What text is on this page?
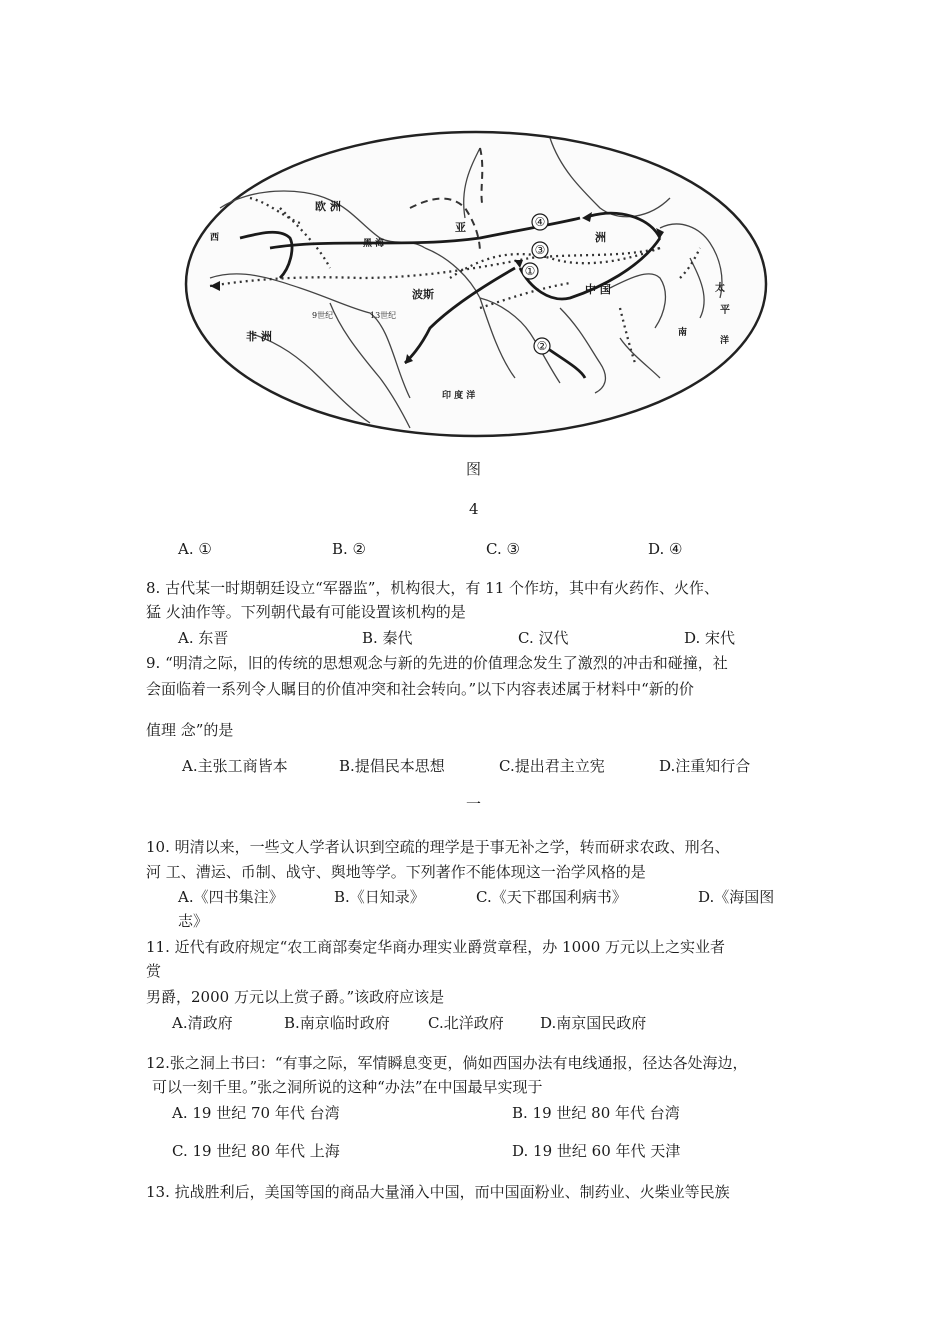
④
③
①
②
欧 洲
亚
洲
非 洲
波斯	中 国
黑 海
西
太
平
南
洋
印 度 洋
9世纪	13世纪
图
4
A. ①	B. ②	C. ③	D. ④
8. 古代某一时期朝廷设立“军器监”，机构很大，有 11 个作坊，其中有火药作、火作、
猛 火油作等。下列朝代最有可能设置该机构的是
A. 东晋	B. 秦代	C. 汉代	D. 宋代
9. “明清之际，旧的传统的思想观念与新的先进的价值理念发生了激烈的冲击和碰撞，社
会面临着一系列令人瞩目的价值冲突和社会转向。”以下内容表述属于材料中“新的价
值理 念”的是
A.主张工商皆本	B.提倡民本思想	C.提出君主立宪	D.注重知行合
一
10. 明清以来，一些文人学者认识到空疏的理学是于事无补之学，转而研求农政、刑名、
河 工、漕运、币制、战守、舆地等学。下列著作不能体现这一治学风格的是
A.《四书集注》	B.《日知录》	C.《天下郡国利病书》	D.《海国图
志》
11. 近代有政府规定“农工商部奏定华商办理实业爵赏章程，办 1000 万元以上之实业者
赏
男爵，2000 万元以上赏子爵。”该政府应该是
A.清政府	B.南京临时政府	C.北洋政府 D.南京国民政府
12.张之洞上书曰：“有事之际，军情瞬息变更，倘如西国办法有电线通报，径达各处海边，
可以一刻千里。”张之洞所说的这种“办法”在中国最早实现于
A. 19 世纪 70 年代 台湾	B. 19 世纪 80 年代 台湾
C. 19 世纪 80 年代 上海	D. 19 世纪 60 年代 天津
13. 抗战胜利后，美国等国的商品大量涌入中国，而中国面粉业、制药业、火柴业等民族
